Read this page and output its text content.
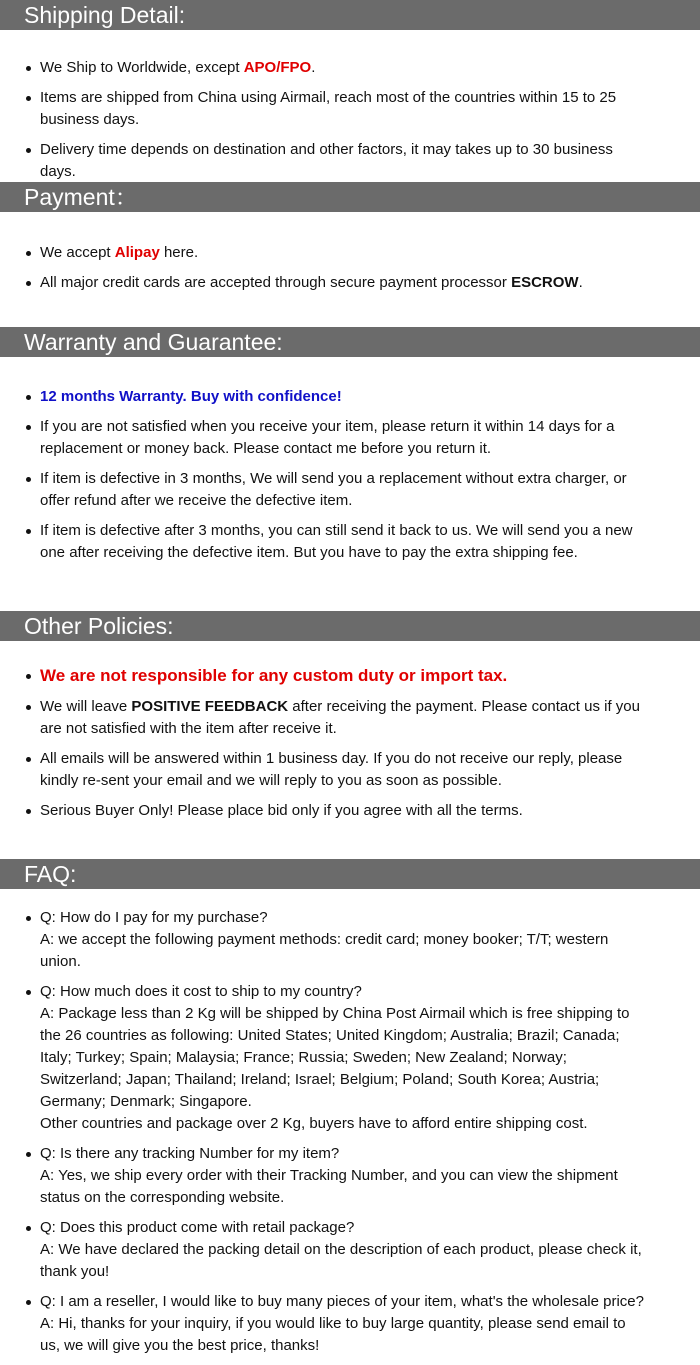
Shipping Detail:
We Ship to Worldwide, except APO/FPO.
Items are shipped from China using Airmail, reach most of the countries within 15 to 25 business days.
Delivery time depends on destination and other factors, it may takes up to 30 business days.
Payment：
We accept Alipay here.
All major credit cards are accepted through secure payment processor ESCROW.
Warranty and Guarantee:
12 months Warranty. Buy with confidence!
If you are not satisfied when you receive your item, please return it within 14 days for a replacement or money back. Please contact me before you return it.
If item is defective in 3 months, We will send you a replacement without extra charger, or offer refund after we receive the defective item.
If item is defective after 3 months, you can still send it back to us. We will send you a new one after receiving the defective item. But you have to pay the extra shipping fee.
Other Policies:
We are not responsible for any custom duty or import tax.
We will leave POSITIVE FEEDBACK after receiving the payment. Please contact us if you are not satisfied with the item after receive it.
All emails will be answered within 1 business day. If you do not receive our reply, please kindly re-sent your email and we will reply to you as soon as possible.
Serious Buyer Only! Please place bid only if you agree with all the terms.
FAQ:
Q: How do I pay for my purchase?
A: we accept the following payment methods: credit card; money booker; T/T; western union.
Q: How much does it cost to ship to my country?
A: Package less than 2 Kg will be shipped by China Post Airmail which is free shipping to the 26 countries as following: United States; United Kingdom; Australia; Brazil; Canada; Italy; Turkey; Spain; Malaysia; France; Russia; Sweden; New Zealand; Norway; Switzerland; Japan; Thailand; Ireland; Israel; Belgium; Poland; South Korea; Austria; Germany; Denmark; Singapore.
Other countries and package over 2 Kg, buyers have to afford entire shipping cost.
Q: Is there any tracking Number for my item?
A: Yes, we ship every order with their Tracking Number, and you can view the shipment status on the corresponding website.
Q: Does this product come with retail package?
A: We have declared the packing detail on the description of each product, please check it, thank you!
Q: I am a reseller, I would like to buy many pieces of your item, what's the wholesale price?
A: Hi, thanks for your inquiry, if you would like to buy large quantity, please send email to us, we will give you the best price, thanks!
